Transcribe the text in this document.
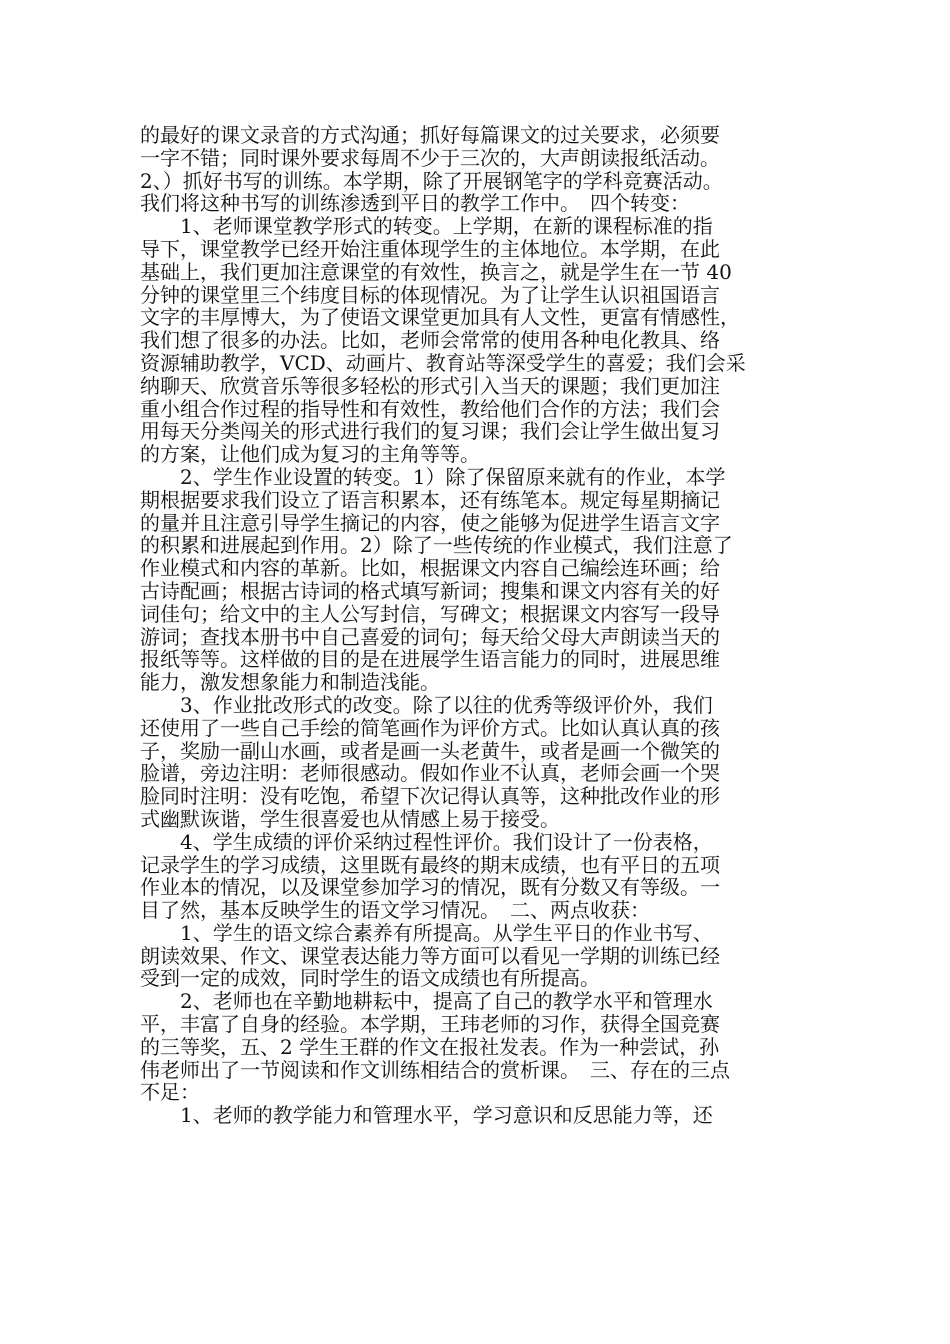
的最好的课文录音的方式沟通；抓好每篇课文的过关要求，必须要
一字不错；同时课外要求每周不少于三次的，大声朗读报纸活动。
2、）抓好书写的训练。本学期，除了开展钢笔字的学科竞赛活动。
我们将这种书写的训练渗透到平日的教学工作中。　四个转变：
　　1、老师课堂教学形式的转变。上学期，在新的课程标准的指
导下，课堂教学已经开始注重体现学生的主体地位。本学期，在此
基础上，我们更加注意课堂的有效性，换言之，就是学生在一节 40
分钟的课堂里三个纬度目标的体现情况。为了让学生认识祖国语言
文字的丰厚博大，为了使语文课堂更加具有人文性，更富有情感性，
我们想了很多的办法。比如，老师会常常的使用各种电化教具、络
资源辅助教学，VCD、动画片、教育站等深受学生的喜爱；我们会采
纳聊天、欣赏音乐等很多轻松的形式引入当天的课题；我们更加注
重小组合作过程的指导性和有效性，教给他们合作的方法；我们会
用每天分类闯关的形式进行我们的复习课；我们会让学生做出复习
的方案，让他们成为复习的主角等等。
　　2、学生作业设置的转变。1）除了保留原来就有的作业，本学
期根据要求我们设立了语言积累本，还有练笔本。规定每星期摘记
的量并且注意引导学生摘记的内容，使之能够为促进学生语言文字
的积累和进展起到作用。2）除了一些传统的作业模式，我们注意了
作业模式和内容的革新。比如，根据课文内容自己编绘连环画；给
古诗配画；根据古诗词的格式填写新词；搜集和课文内容有关的好
词佳句；给文中的主人公写封信，写碑文；根据课文内容写一段导
游词；查找本册书中自己喜爱的词句；每天给父母大声朗读当天的
报纸等等。这样做的目的是在进展学生语言能力的同时，进展思维
能力，激发想象能力和制造浅能。
　　3、作业批改形式的改变。除了以往的优秀等级评价外，我们
还使用了一些自己手绘的简笔画作为评价方式。比如认真认真的孩
子，奖励一副山水画，或者是画一头老黄牛，或者是画一个微笑的
脸谱，旁边注明：老师很感动。假如作业不认真，老师会画一个哭
脸同时注明：没有吃饱，希望下次记得认真等，这种批改作业的形
式幽默诙谐，学生很喜爱也从情感上易于接受。
　　4、学生成绩的评价采纳过程性评价。我们设计了一份表格，
记录学生的学习成绩，这里既有最终的期末成绩，也有平日的五项
作业本的情况，以及课堂参加学习的情况，既有分数又有等级。一
目了然，基本反映学生的语文学习情况。　二、两点收获：
　　1、学生的语文综合素养有所提高。从学生平日的作业书写、
朗读效果、作文、课堂表达能力等方面可以看见一学期的训练已经
受到一定的成效，同时学生的语文成绩也有所提高。
　　2、老师也在辛勤地耕耘中，提高了自己的教学水平和管理水
平，丰富了自身的经验。本学期，王玮老师的习作，获得全国竞赛
的三等奖，五、2 学生王群的作文在报社发表。作为一种尝试，孙
伟老师出了一节阅读和作文训练相结合的赏析课。　三、存在的三点
不足：
　　1、老师的教学能力和管理水平，学习意识和反思能力等，还
